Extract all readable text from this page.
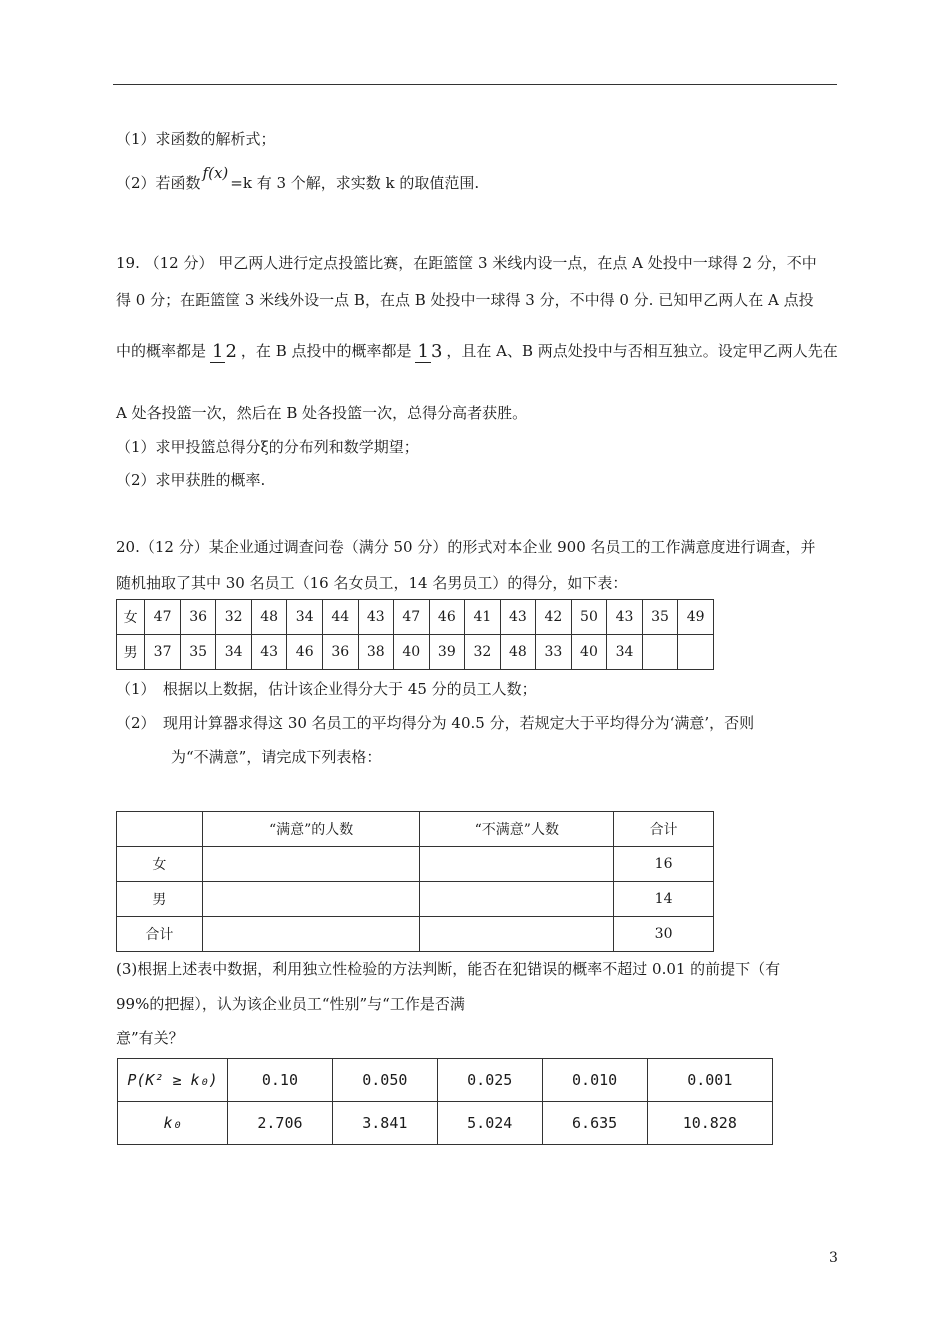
（1）求函数的解析式；
（2）若函数f(x)=k 有 3 个解，求实数 k 的取值范围.
19. （12 分） 甲乙两人进行定点投篮比赛，在距篮筐 3 米线内设一点，在点 A 处投中一球得 2 分，不中
得 0 分；在距篮筐 3 米线外设一点 B，在点 B 处投中一球得 3 分，不中得 0 分. 已知甲乙两人在 A 点投
中的概率都是 1 2 ，在 B 点投中的概率都是 1 3 ，且在 A、B 两点处投中与否相互独立。设定甲乙两人先在
A 处各投篮一次，然后在 B 处各投篮一次，总得分高者获胜。
（1）求甲投篮总得分ξ的分布列和数学期望；
（2）求甲获胜的概率.
20.（12 分）某企业通过调查问卷（满分 50 分）的形式对本企业 900 名员工的工作满意度进行调查，并
随机抽取了其中 30 名员工（16 名女员工，14 名男员工）的得分，如下表：
女	47	36	32	48	34	44	43	47	46	41	43	42	50	43	35	49
男	37	35	34	43	46	36	38	40	39	32	48	33	40	34		
（1）　根据以上数据，估计该企业得分大于 45 分的员工人数；
（2）　现用计算器求得这 30 名员工的平均得分为 40.5 分，若规定大于平均得分为‘满意’，否则
为“不满意”，请完成下列表格：
	“满意”的人数	“不满意”人数	合计
女			16
男			14
合计			30
(3)根据上述表中数据，利用独立性检验的方法判断，能否在犯错误的概率不超过 0.01 的前提下（有
99%的把握），认为该企业员工“性别”与“工作是否满
意”有关？
P(K² ≥ k₀)	0.10	0.050	0.025	0.010	0.001
k₀	2.706	3.841	5.024	6.635	10.828
3
